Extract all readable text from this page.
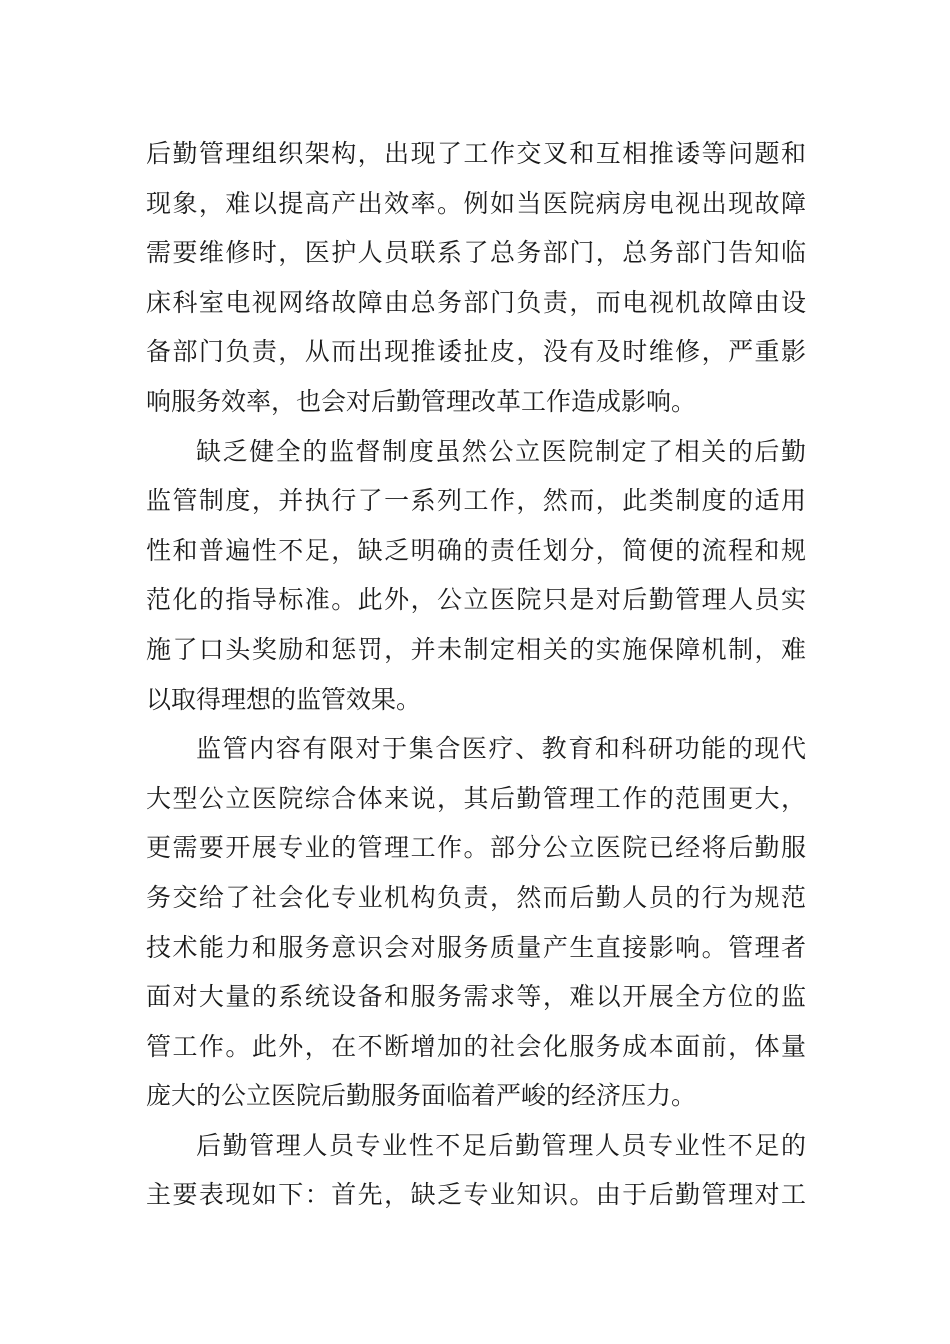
后勤管理组织架构，出现了工作交叉和互相推诿等问题和
现象，难以提高产出效率。例如当医院病房电视出现故障
需要维修时，医护人员联系了总务部门，总务部门告知临
床科室电视网络故障由总务部门负责，而电视机故障由设
备部门负责，从而出现推诿扯皮，没有及时维修，严重影
响服务效率，也会对后勤管理改革工作造成影响。
缺乏健全的监督制度虽然公立医院制定了相关的后勤
监管制度，并执行了一系列工作，然而，此类制度的适用
性和普遍性不足，缺乏明确的责任划分，简便的流程和规
范化的指导标准。此外，公立医院只是对后勤管理人员实
施了口头奖励和惩罚，并未制定相关的实施保障机制，难
以取得理想的监管效果。
监管内容有限对于集合医疗、教育和科研功能的现代
大型公立医院综合体来说，其后勤管理工作的范围更大，
更需要开展专业的管理工作。部分公立医院已经将后勤服
务交给了社会化专业机构负责，然而后勤人员的行为规范
技术能力和服务意识会对服务质量产生直接影响。管理者
面对大量的系统设备和服务需求等，难以开展全方位的监
管工作。此外，在不断增加的社会化服务成本面前，体量
庞大的公立医院后勤服务面临着严峻的经济压力。
后勤管理人员专业性不足后勤管理人员专业性不足的
主要表现如下：首先，缺乏专业知识。由于后勤管理对工
